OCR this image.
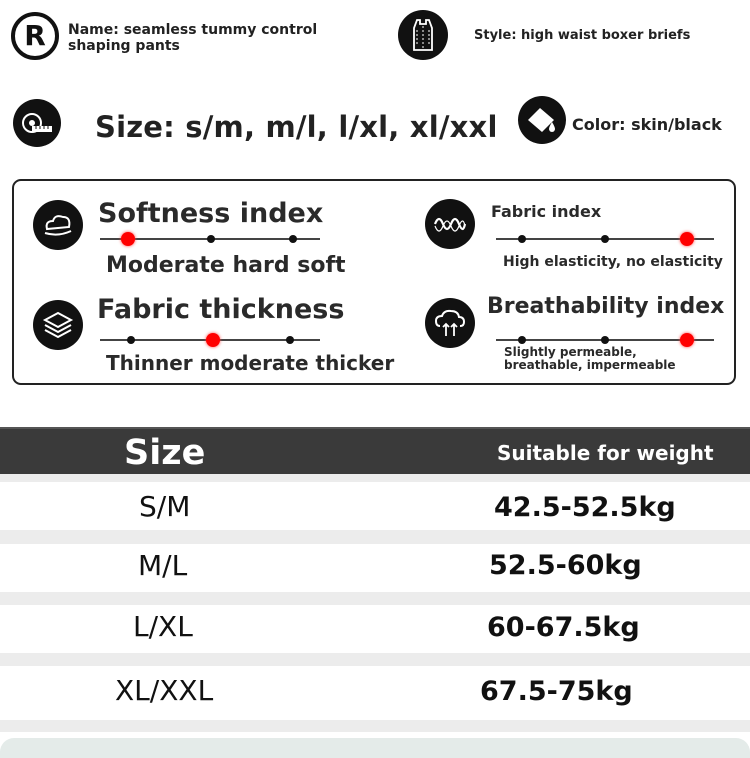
R Name: seamless tummy control shaping pants
Style: high waist boxer briefs
Size: s/m, m/l, l/xl, xl/xxl	Color: skin/black
Softness index
Moderate hard soft
Fabric index
High elasticity, no elasticity
Fabric thickness
Thinner moderate thicker
Breathability index
Slightly permeable, breathable, impermeable
Size	Suitable for weight
S/M	42.5-52.5kg
M/L	52.5-60kg
L/XL	60-67.5kg
XL/XXL	67.5-75kg
